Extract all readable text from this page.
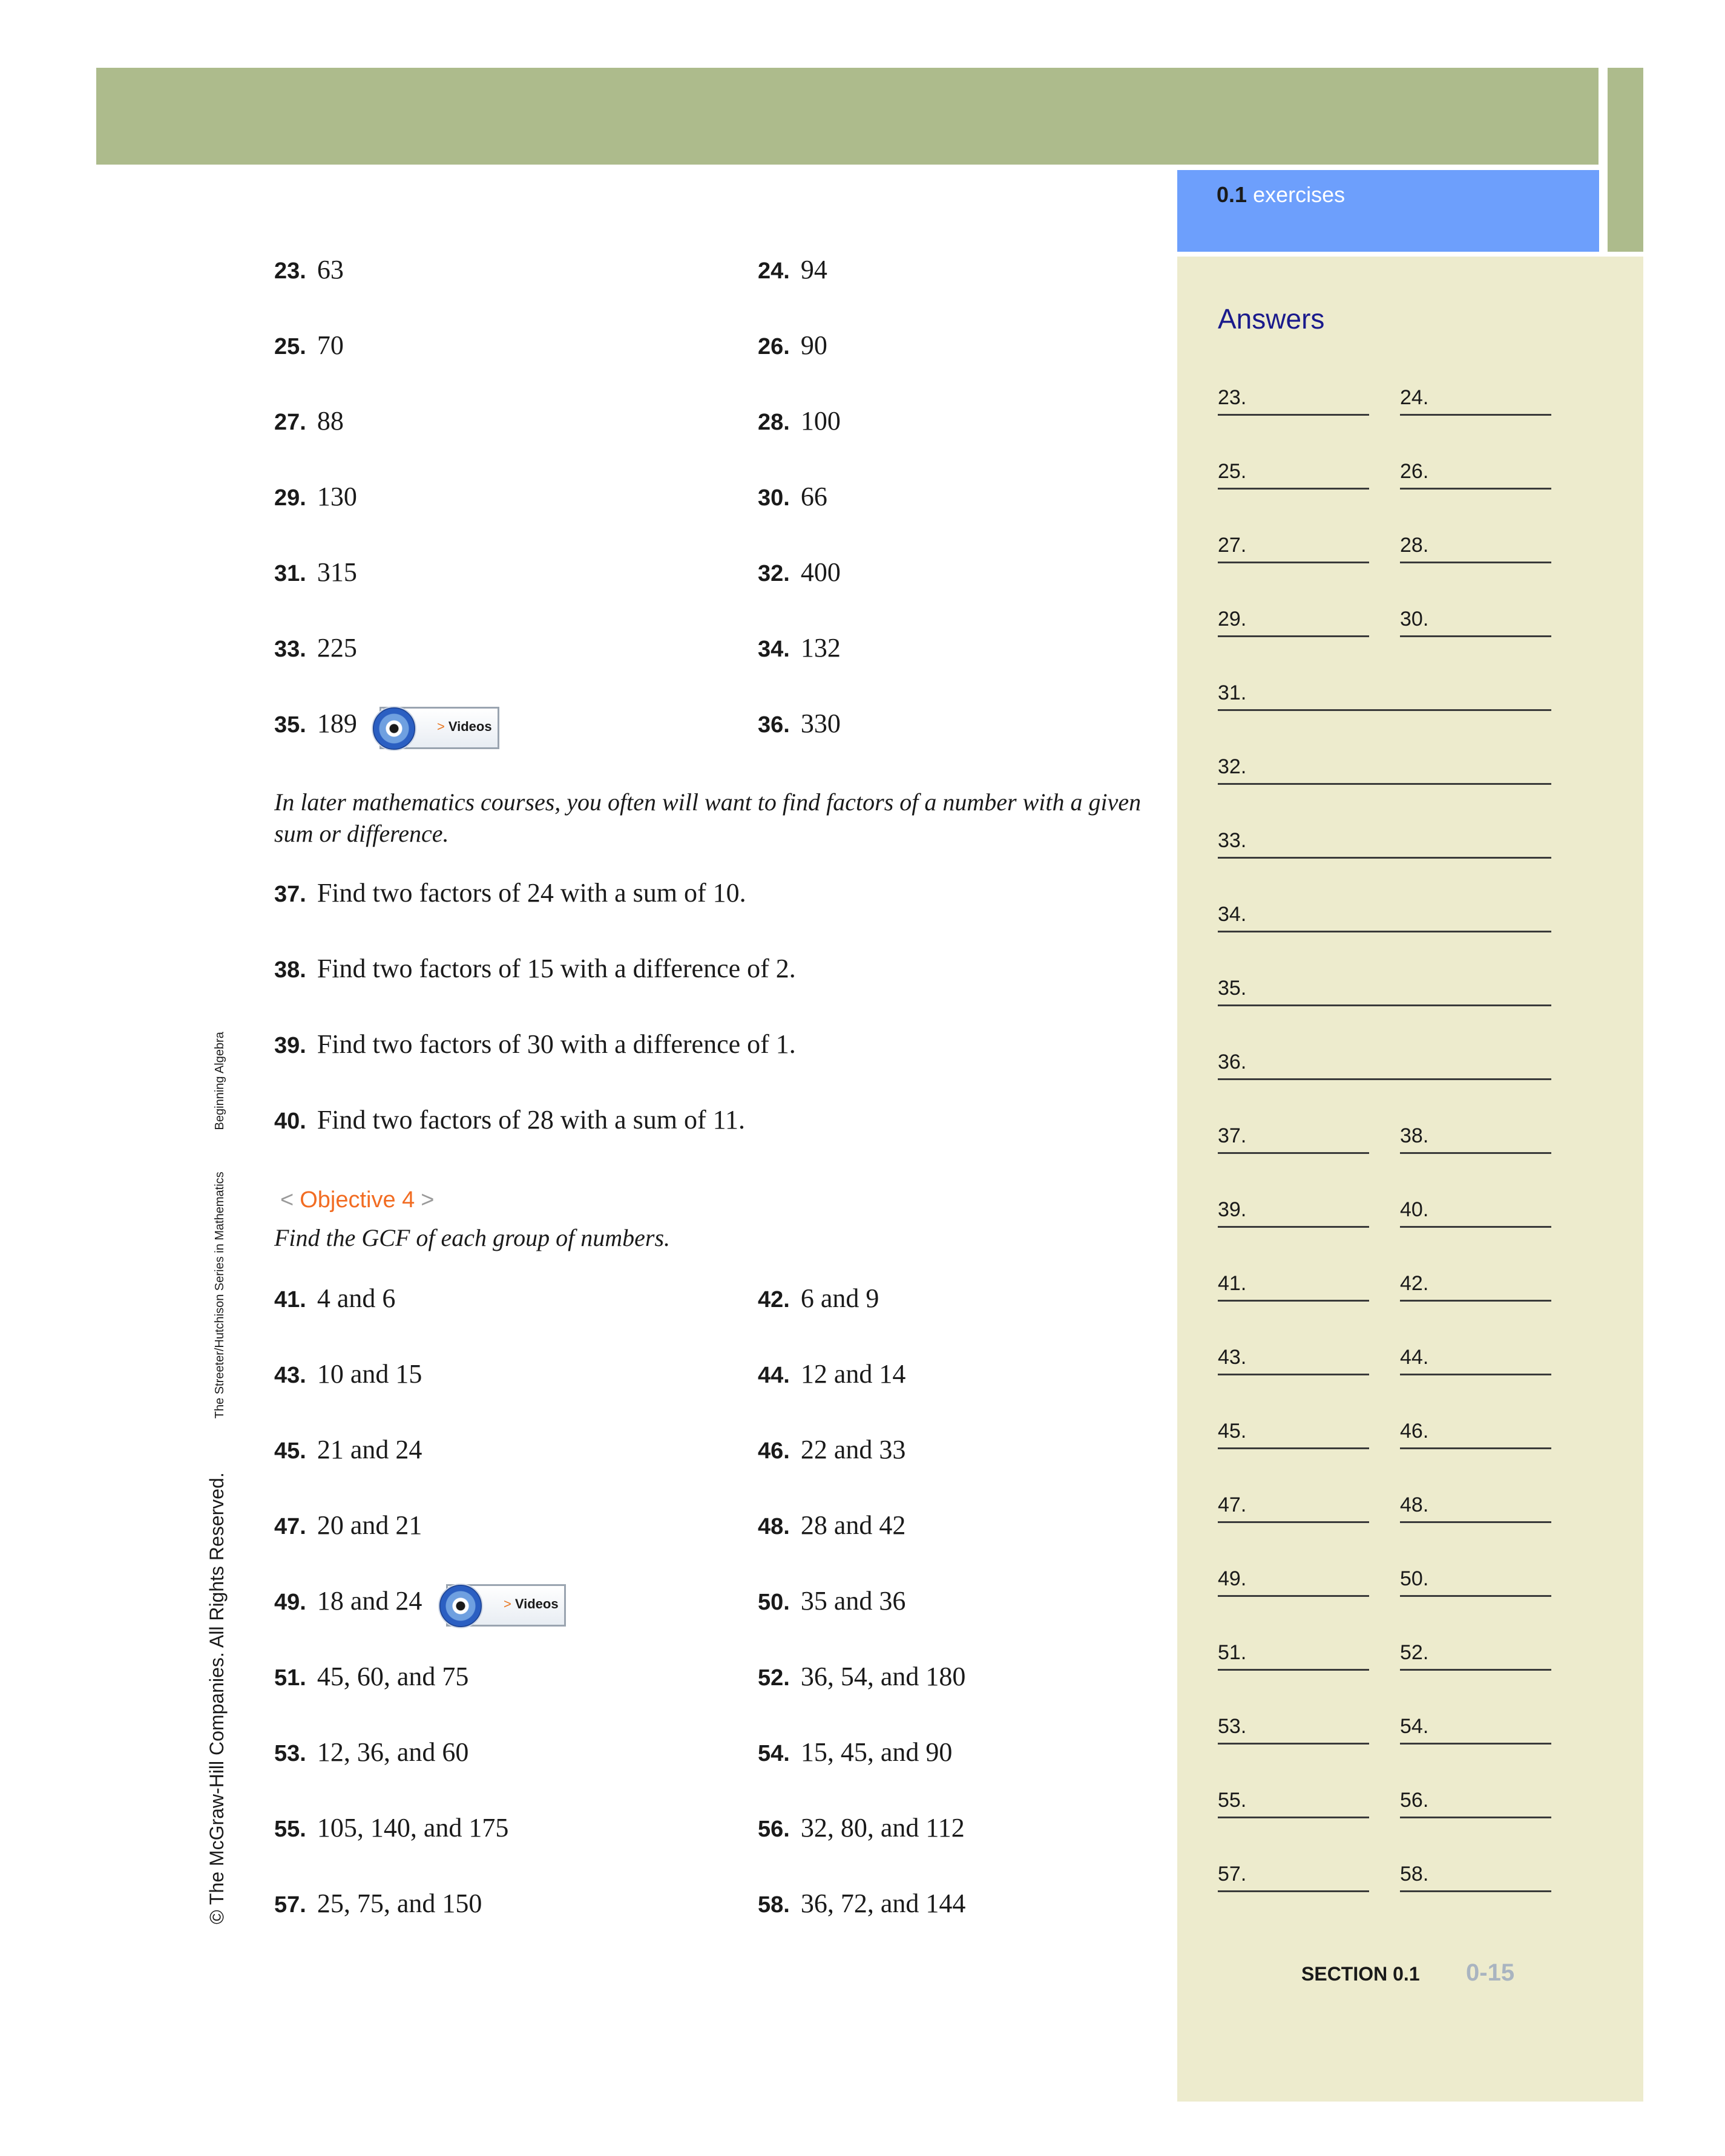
0.1 exercises
Answers
23. 63	24. 94
25. 70	26. 90
27. 88	28. 100
29. 130	30. 66
31. 315	32. 400
33. 225	34. 132
35. 189	36. 330
> Videos
In later mathematics courses, you often will want to find factors of a number with a given sum or difference.
37. Find two factors of 24 with a sum of 10.
38. Find two factors of 15 with a difference of 2.
39. Find two factors of 30 with a difference of 1.
40. Find two factors of 28 with a sum of 11.
< Objective 4 >
Find the GCF of each group of numbers.
41. 4 and 6	42. 6 and 9
43. 10 and 15	44. 12 and 14
45. 21 and 24	46. 22 and 33
47. 20 and 21	48. 28 and 42
49. 18 and 24	50. 35 and 36
51. 45, 60, and 75	52. 36, 54, and 180
53. 12, 36, and 60	54. 15, 45, and 90
55. 105, 140, and 175	56. 32, 80, and 112
57. 25, 75, and 150	58. 36, 72, and 144
> Videos
23.	24.
25.	26.
27.	28.
29.	30.
31.
32.
33.
34.
35.
36.
37.	38.
39.	40.
41.	42.
43.	44.
45.	46.
47.	48.
49.	50.
51.	52.
53.	54.
55.	56.
57.	58.
© The McGraw-Hill Companies. All Rights Reserved.  The Streeter/Hutchison Series in Mathematics  Beginning Algebra
SECTION 0.1 0-15
